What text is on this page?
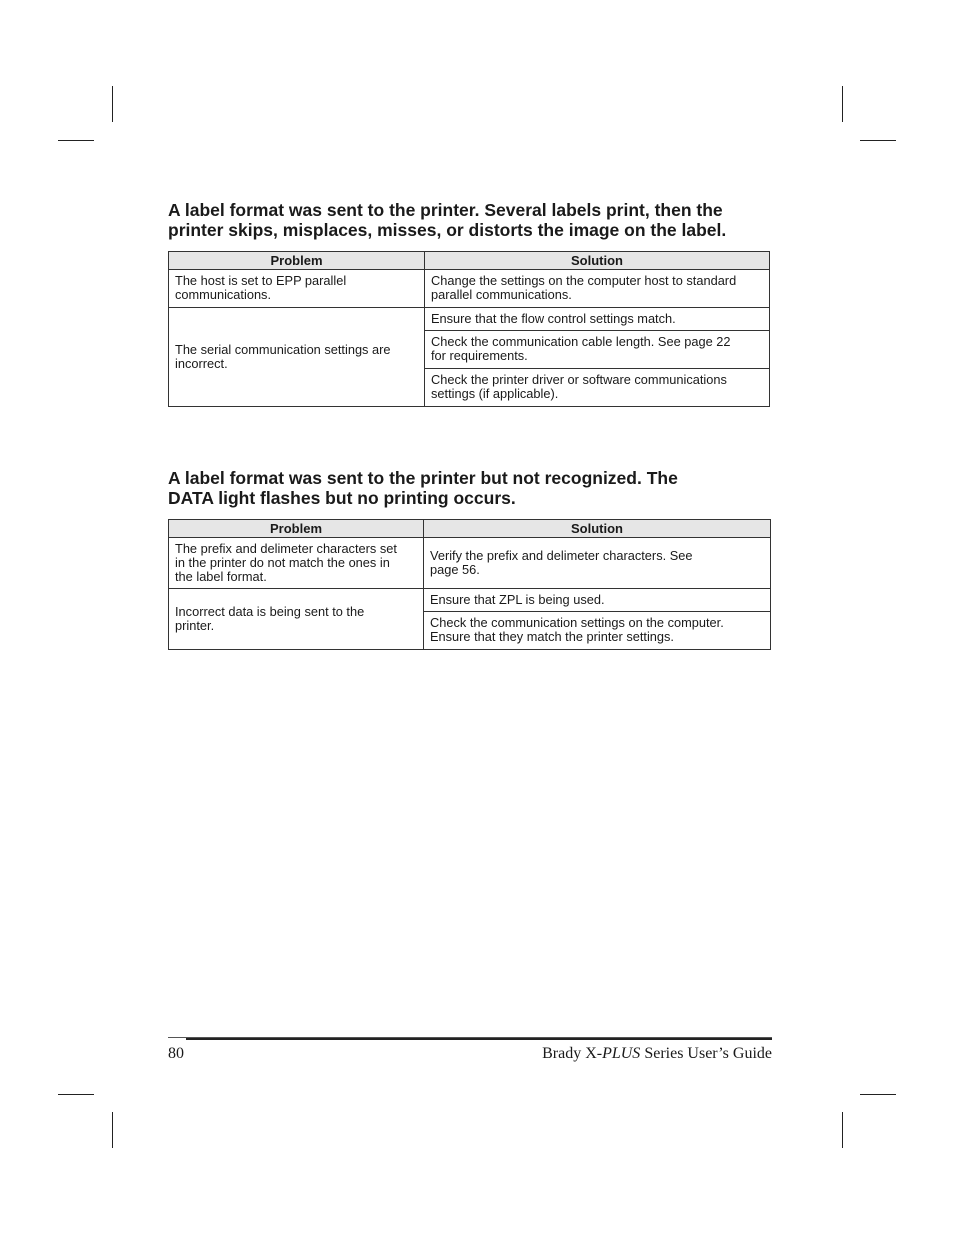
A label format was sent to the printer. Several labels print, then the
printer skips, misplaces, misses, or distorts the image on the label.
Problem	Solution

The host is set to EPP parallel
communications.	Change the settings on the computer host to standard
parallel communications.

The serial communication settings are
incorrect.	Ensure that the flow control settings match.

	Check the communication cable length. See page 22
for requirements.

	Check the printer driver or software communications
settings (if applicable).
A label format was sent to the printer but not recognized. The
DATA light flashes but no printing occurs.
Problem	Solution

The prefix and delimeter characters set
in the printer do not match the ones in
the label format.	Verify the prefix and delimeter characters. See
page 56.

Incorrect data is being sent to the
printer.	Ensure that ZPL is being used.

	Check the communication settings on the computer.
Ensure that they match the printer settings.
80	Brady X-PLUS Series User’s Guide
